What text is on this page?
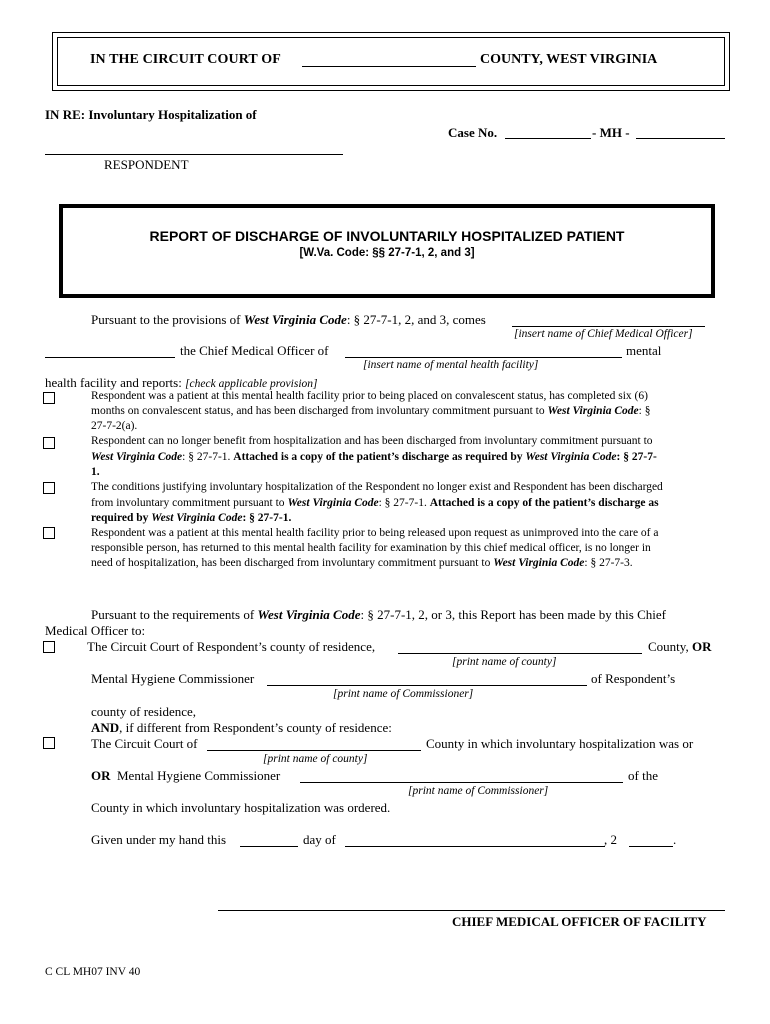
IN THE CIRCUIT COURT OF	COUNTY, WEST VIRGINIA
IN RE: Involuntary Hospitalization of
Case No.	- MH -
RESPONDENT
REPORT OF DISCHARGE OF INVOLUNTARILY HOSPITALIZED PATIENT
[W.Va. Code: §§ 27-7-1, 2, and 3]
Pursuant to the provisions of West Virginia Code: § 27-7-1, 2, and 3, comes
[insert name of Chief Medical Officer]
the Chief Medical Officer of	mental
[insert name of mental health facility]
health facility and reports: [check applicable provision]
Respondent was a patient at this mental health facility prior to being placed on convalescent status, has completed six (6)
months on convalescent status, and has been discharged from involuntary commitment pursuant to West Virginia Code: §
27-7-2(a).
Respondent can no longer benefit from hospitalization and has been discharged from involuntary commitment pursuant to
West Virginia Code: § 27-7-1. Attached is a copy of the patient’s discharge as required by West Virginia Code: § 27-7-
1.
The conditions justifying involuntary hospitalization of the Respondent no longer exist and Respondent has been discharged
from involuntary commitment pursuant to West Virginia Code: § 27-7-1. Attached is a copy of the patient’s discharge as
required by West Virginia Code: § 27-7-1.
Respondent was a patient at this mental health facility prior to being released upon request as unimproved into the care of a
responsible person, has returned to this mental health facility for examination by this chief medical officer, is no longer in
need of hospitalization, has been discharged from involuntary commitment pursuant to West Virginia Code: § 27-7-3.
Pursuant to the requirements of West Virginia Code: § 27-7-1, 2, or 3, this Report has been made by this Chief
Medical Officer to:
The Circuit Court of Respondent’s county of residence,	County, OR
[print name of county]
Mental Hygiene Commissioner	of Respondent’s
[print name of Commissioner]
county of residence,
AND, if different from Respondent’s county of residence:
The Circuit Court of	County in which involuntary hospitalization was or
[print name of county]
OR Mental Hygiene Commissioner	of the
[print name of Commissioner]
County in which involuntary hospitalization was ordered.
Given under my hand this	day of	, 2	.
CHIEF MEDICAL OFFICER OF FACILITY
C CL MH07 INV 40
